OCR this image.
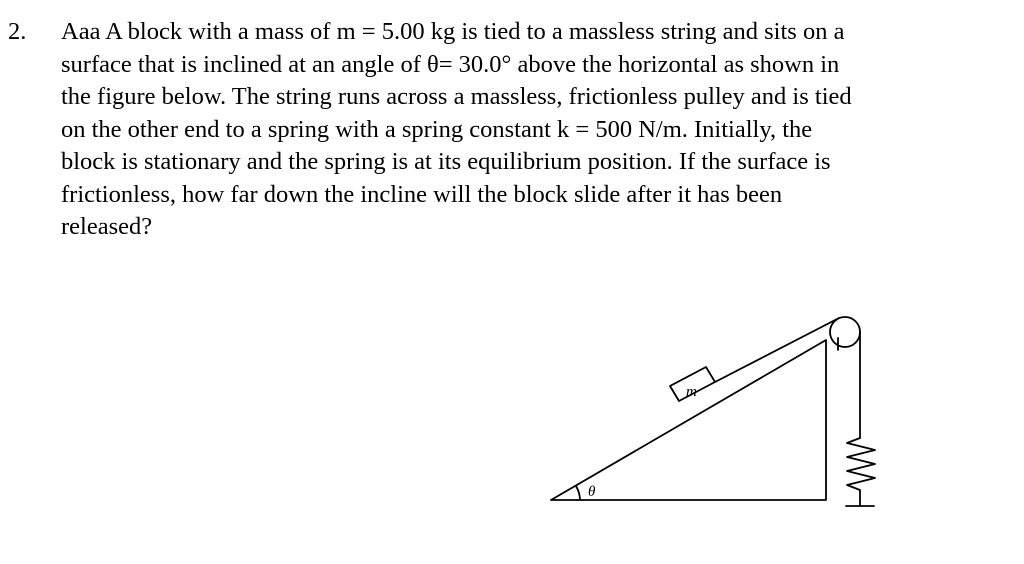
2. Aaa A block with a mass of m = 5.00 kg is tied to a massless string and sits on a
surface that is inclined at an angle of θ= 30.0° above the horizontal as shown in
the figure below. The string runs across a massless, frictionless pulley and is tied
on the other end to a spring with a spring constant k = 500 N/m. Initially, the
block is stationary and the spring is at its equilibrium position. If the surface is
frictionless, how far down the incline will the block slide after it has been
released?
m
θ
